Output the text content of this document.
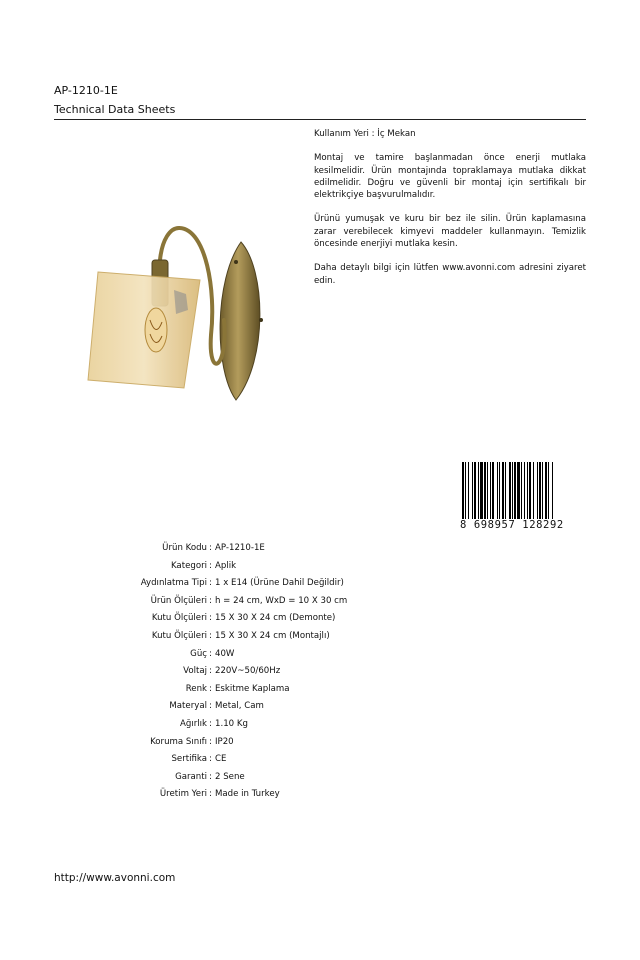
AP-1210-1E
Technical Data Sheets

Kullanım Yeri : İç Mekan

Montaj ve tamire başlanmadan önce enerji mutlaka kesilmelidir. Ürün montajında topraklamaya mutlaka dikkat edilmelidir. Doğru ve güvenli bir montaj için sertifikalı bir elektrikçiye başvurulmalıdır.

Ürünü yumuşak ve kuru bir bez ile silin. Ürün kaplamasına zarar verebilecek kimyevi maddeler kullanmayın. Temizlik öncesinde enerjiyi mutlaka kesin.

Daha detaylı bilgi için lütfen www.avonni.com adresini ziyaret edin.

8 698957 128292
Ürün Kodu : AP-1210-1E
Kategori : Aplik
Aydınlatma Tipi : 1 x E14 (Ürüne Dahil Değildir)
Ürün Ölçüleri : h = 24 cm, WxD = 10 X 30 cm
Kutu Ölçüleri : 15 X 30 X 24 cm (Demonte)
Kutu Ölçüleri : 15 X 30 X 24 cm (Montajlı)
Güç : 40W
Voltaj : 220V~50/60Hz
Renk : Eskitme Kaplama
Materyal : Metal, Cam
Ağırlık : 1.10 Kg
Koruma Sınıfı : IP20
Sertifika : CE
Garanti : 2 Sene
Üretim Yeri : Made in Turkey
http://www.avonni.com
